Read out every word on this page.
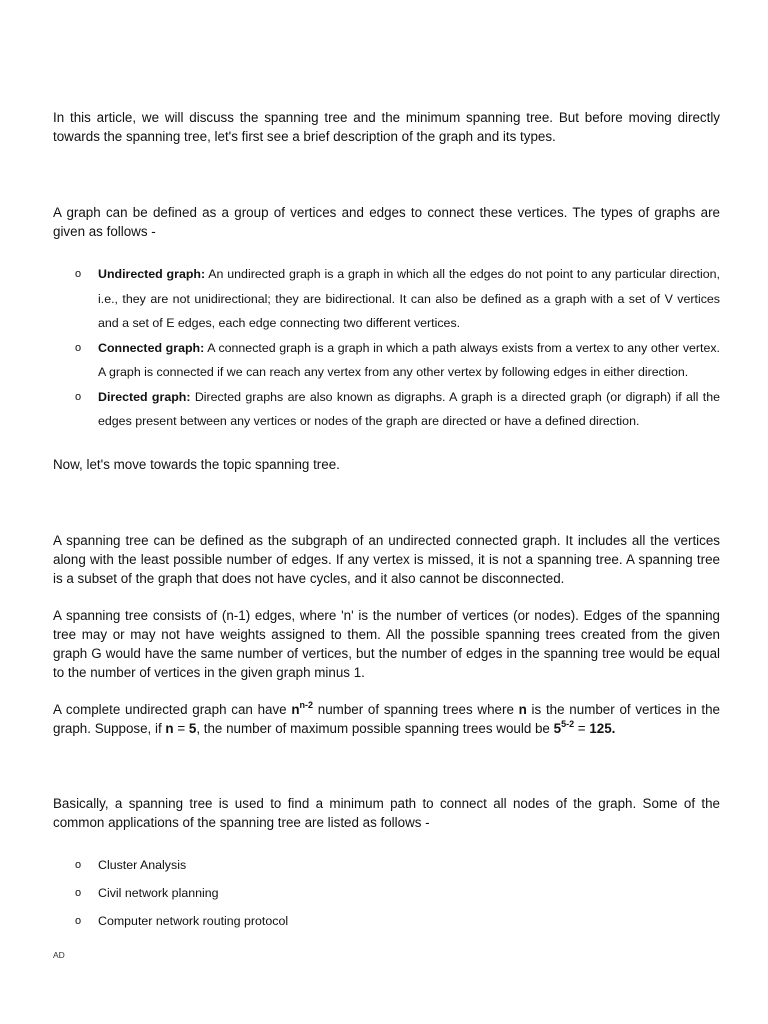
In this article, we will discuss the spanning tree and the minimum spanning tree. But before moving directly towards the spanning tree, let's first see a brief description of the graph and its types.

A graph can be defined as a group of vertices and edges to connect these vertices. The types of graphs are given as follows -

o Undirected graph: An undirected graph is a graph in which all the edges do not point to any particular direction, i.e., they are not unidirectional; they are bidirectional. It can also be defined as a graph with a set of V vertices and a set of E edges, each edge connecting two different vertices.
o Connected graph: A connected graph is a graph in which a path always exists from a vertex to any other vertex. A graph is connected if we can reach any vertex from any other vertex by following edges in either direction.
o Directed graph: Directed graphs are also known as digraphs. A graph is a directed graph (or digraph) if all the edges present between any vertices or nodes of the graph are directed or have a defined direction.

Now, let's move towards the topic spanning tree.

A spanning tree can be defined as the subgraph of an undirected connected graph. It includes all the vertices along with the least possible number of edges. If any vertex is missed, it is not a spanning tree. A spanning tree is a subset of the graph that does not have cycles, and it also cannot be disconnected.

A spanning tree consists of (n-1) edges, where 'n' is the number of vertices (or nodes). Edges of the spanning tree may or may not have weights assigned to them. All the possible spanning trees created from the given graph G would have the same number of vertices, but the number of edges in the spanning tree would be equal to the number of vertices in the given graph minus 1.

A complete undirected graph can have $n^{n-2}$ number of spanning trees where n is the number of vertices in the graph. Suppose, if n = 5, the number of maximum possible spanning trees would be $5^{5-2} = 125$.

Basically, a spanning tree is used to find a minimum path to connect all nodes of the graph. Some of the common applications of the spanning tree are listed as follows -

o Cluster Analysis
o Civil network planning
o Computer network routing protocol
AD
